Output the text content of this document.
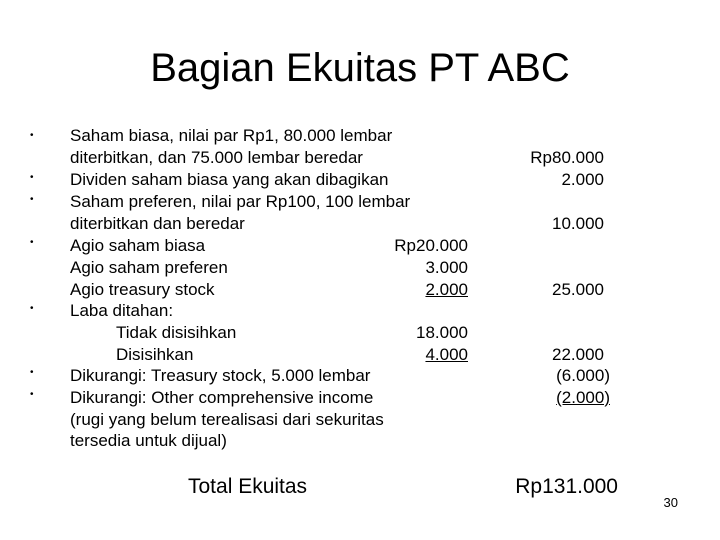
Bagian Ekuitas PT ABC
•
•
•
•
•
•
•
Saham biasa, nilai par Rp1, 80.000 lembar
diterbitkan, dan 75.000 lembar beredar
Dividen saham biasa yang akan dibagikan
Saham preferen, nilai par Rp100, 100 lembar
diterbitkan dan beredar
Agio saham biasa
Agio saham preferen
Agio treasury stock
Laba ditahan:
Tidak disisihkan
Disisihkan
Dikurangi: Treasury stock, 5.000 lembar
Dikurangi: Other comprehensive income
(rugi yang belum terealisasi dari sekuritas
tersedia untuk dijual)
Rp20.000
3.000
2.000
18.000
4.000
Rp80.000
2.000
10.000
25.000
22.000
(6.000)
(2.000)
Total Ekuitas	Rp131.000
30
